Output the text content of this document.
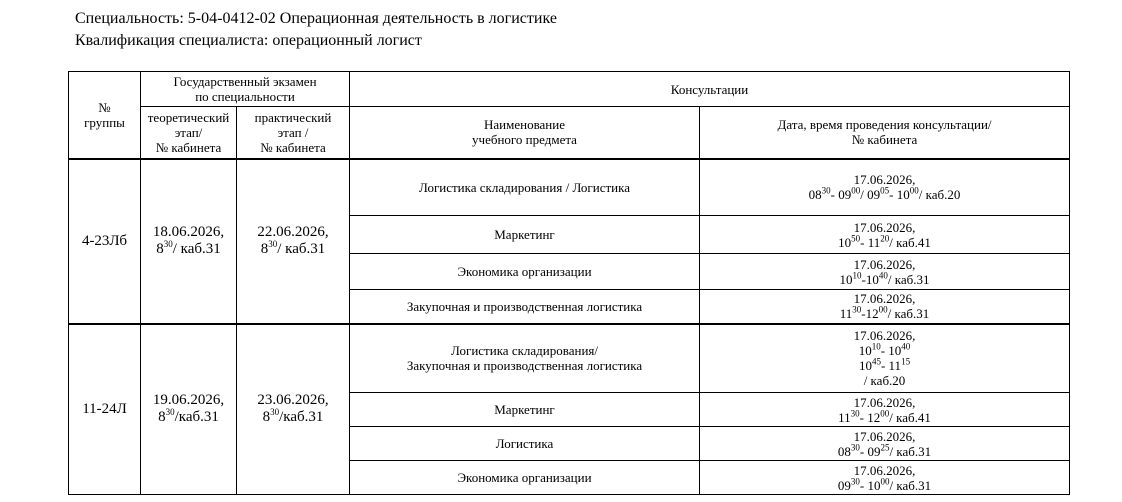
Специальность: 5-04-0412-02 Операционная деятельность в логистике
Квалификация специалиста: операционный логист
№
группы	Государственный экзамен
по специальности		Консультации	

	теоретический
этап/
№ кабинета	практический
этап /
№ кабинета	Наименование
учебного предмета	Дата, время проведения консультации/
№ кабинета

4-23Лб	18.06.2026,
$8^{30}/$ каб.31	22.06.2026,
$8^{30}/$ каб.31	Логистика складирования / Логистика	17.06.2026,
$08^{30}-$ $09^{00}/$ $09^{05}-$ $10^{00}/$ каб.20

			Маркетинг	17.06.2026,
$10^{50}-$ $11^{20}/$ каб.41

			Экономика организации	17.06.2026,
$10^{10}-10^{40}/$ каб.31

			Закупочная и производственная логистика	17.06.2026,
$11^{30}-12^{00}/$ каб.31

11-24Л	19.06.2026,
$8^{30}/каб.31$	23.06.2026,
$8^{30}/каб.31$	Логистика складирования/
Закупочная и производственная логистика	17.06.2026,
$10^{10}-$ $10^{40}$
$10^{45}-$ $11^{15}$
/ каб.20

			Маркетинг	17.06.2026,
$11^{30}-$ $12^{00}/$ каб.41

			Логистика	17.06.2026,
$08^{30}-$ $09^{25}/$ каб.31

			Экономика организации	17.06.2026,
$09^{30}-$ $10^{00}/$ каб.31
